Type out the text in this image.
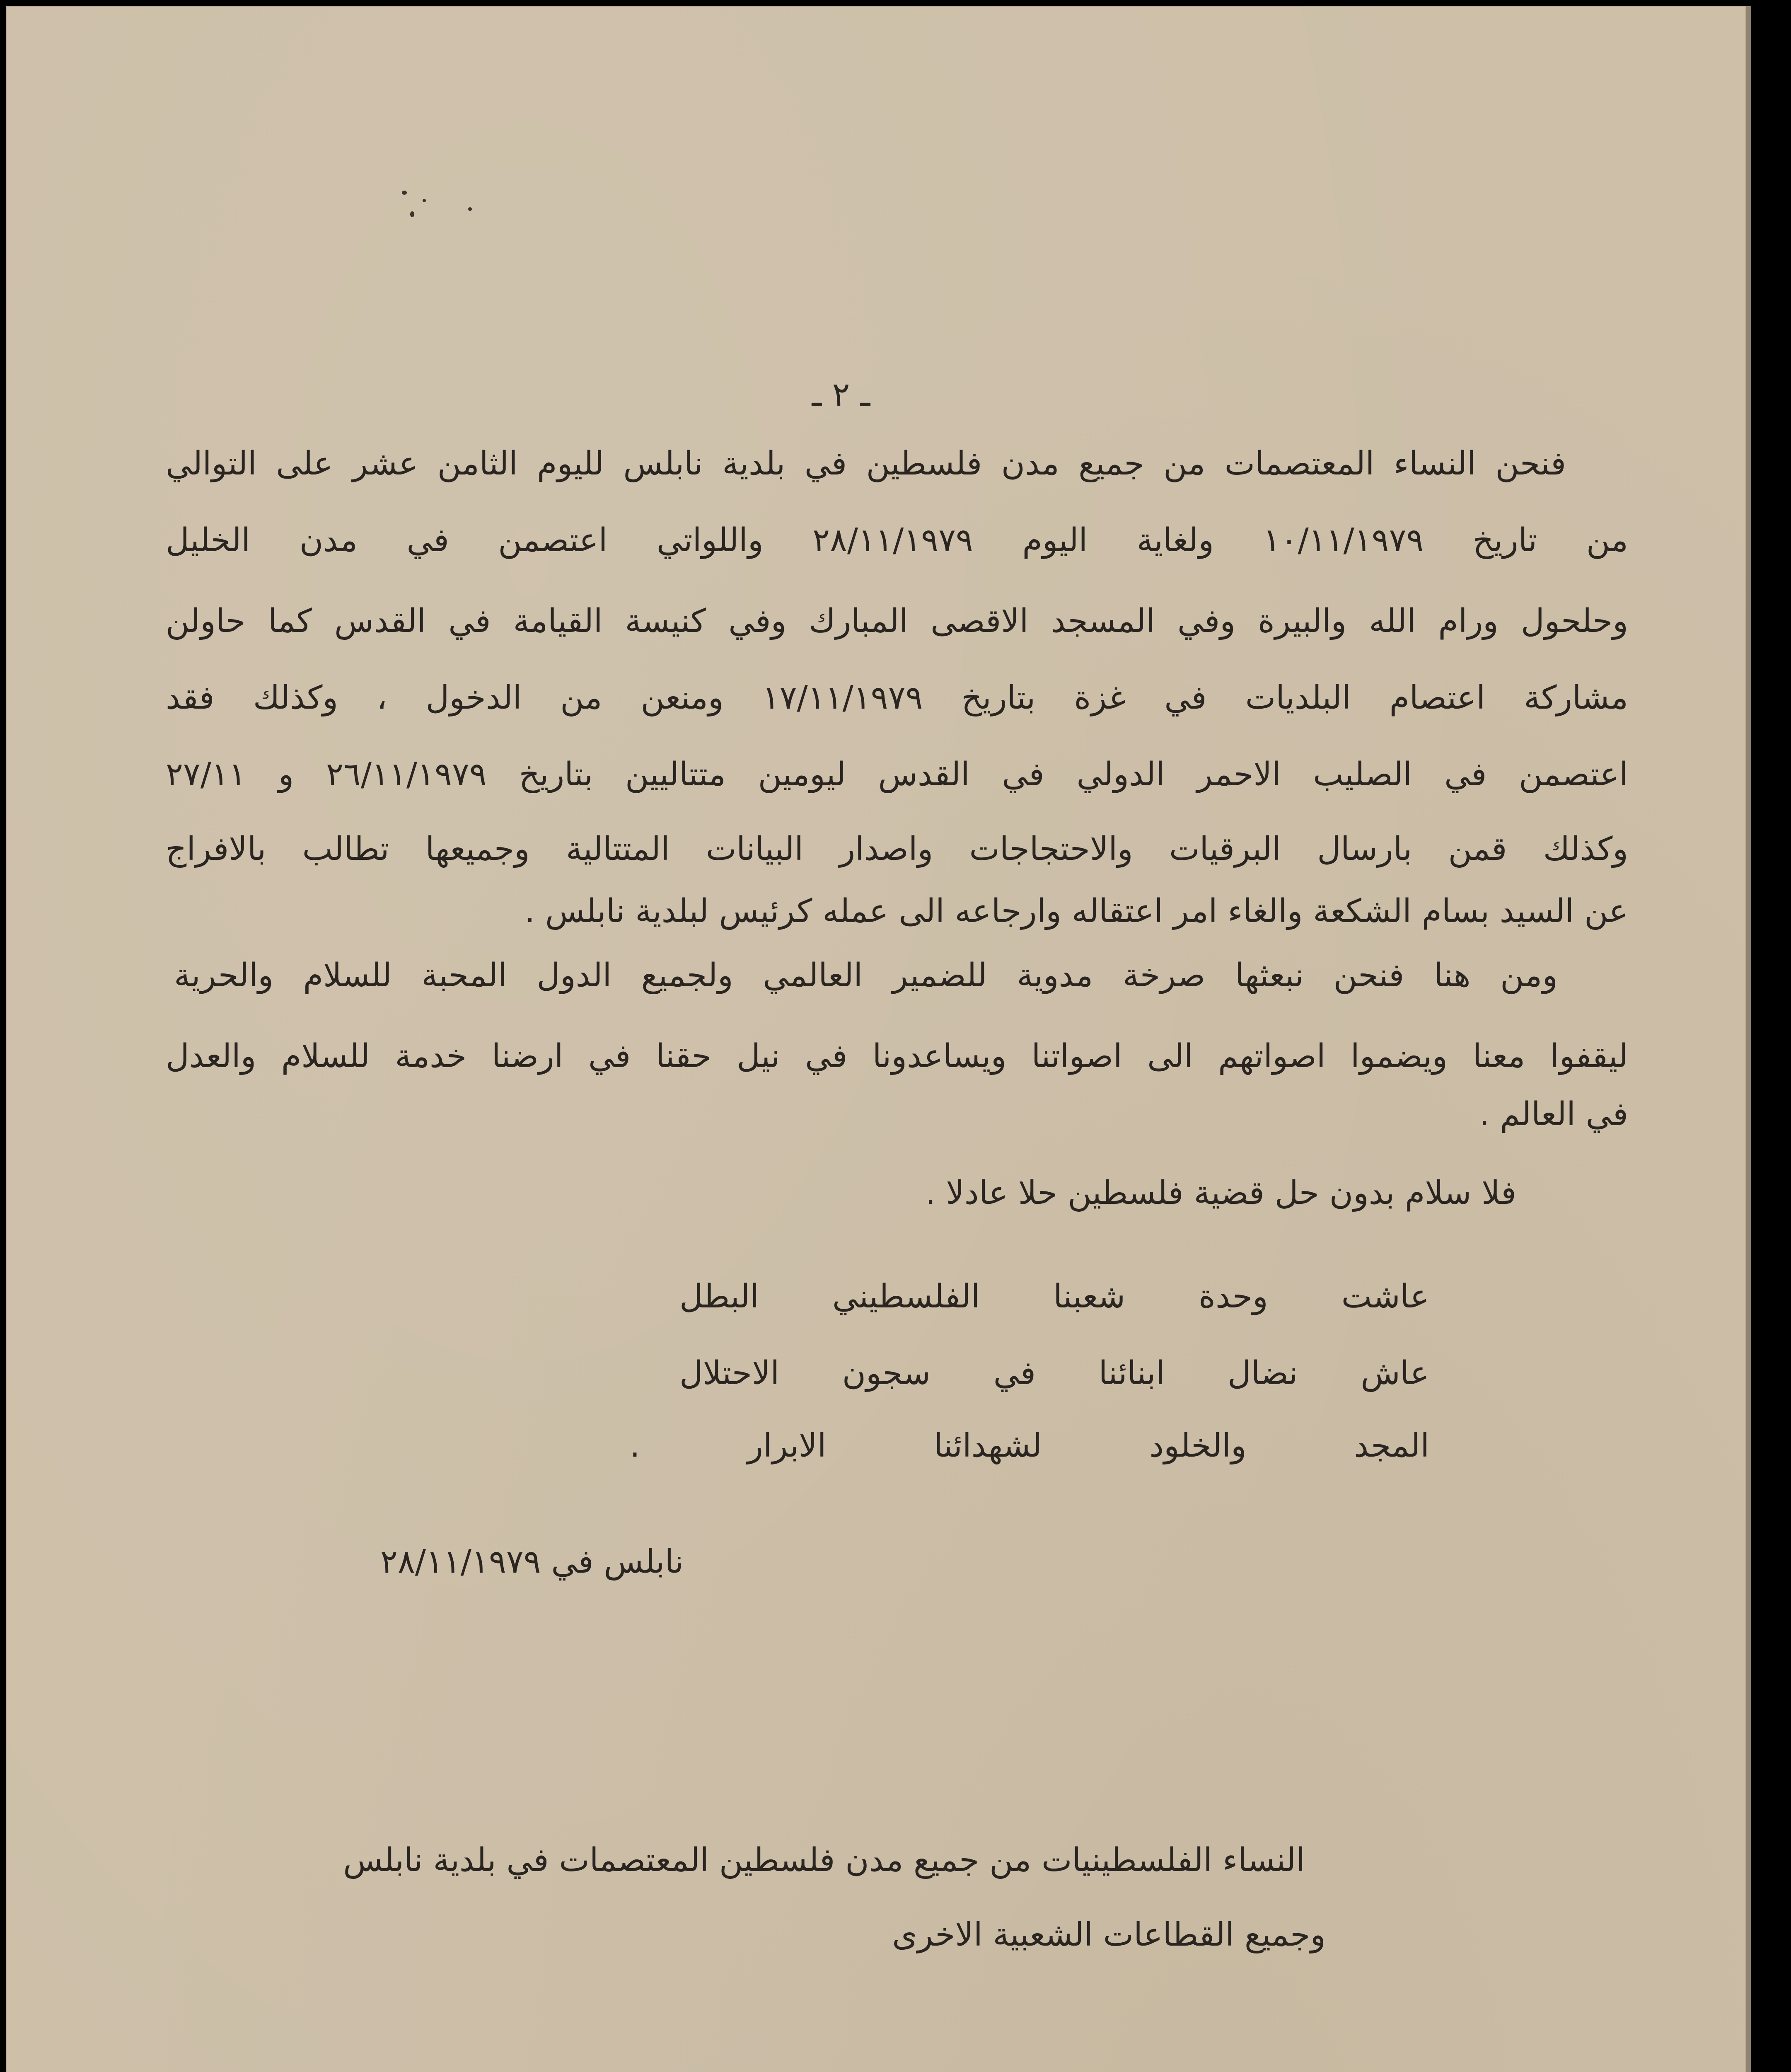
ـ ٢ ـ
فنحن النساء المعتصمات من جميع مدن فلسطين في بلدية نابلس لليوم الثامن عشر على التوالي
من تاريخ ١٠/١١/١٩٧٩ ولغاية اليوم ٢٨/١١/١٩٧٩ واللواتي اعتصمن في مدن الخليل
وحلحول ورام الله والبيرة وفي المسجد الاقصى المبارك وفي كنيسة القيامة في القدس كما حاولن
مشاركة اعتصام البلديات في غزة بتاريخ ١٧/١١/١٩٧٩ ومنعن من الدخول ، وكذلك فقد
اعتصمن في الصليب الاحمر الدولي في القدس ليومين متتاليين بتاريخ ٢٦/١١/١٩٧٩ و ٢٧/١١
وكذلك قمن بارسال البرقيات والاحتجاجات واصدار البيانات المتتالية وجميعها تطالب بالافراج
عن السيد بسام الشكعة والغاء امر اعتقاله وارجاعه الى عمله كرئيس لبلدية نابلس .
ومن هنا فنحن نبعثها صرخة مدوية للضمير العالمي ولجميع الدول المحبة للسلام والحرية
ليقفوا معنا ويضموا اصواتهم الى اصواتنا ويساعدونا في نيل حقنا في ارضنا خدمة للسلام والعدل
في العالم .
فلا سلام بدون حل قضية فلسطين حلا عادلا .
عاشت وحدة شعبنا الفلسطيني البطل
عاش نضال ابنائنا في سجون الاحتلال
المجد والخلود لشهدائنا الابرار .
نابلس في ٢٨/١١/١٩٧٩
النساء الفلسطينيات من جميع مدن فلسطين المعتصمات في بلدية نابلس
وجميع القطاعات الشعبية الاخرى
